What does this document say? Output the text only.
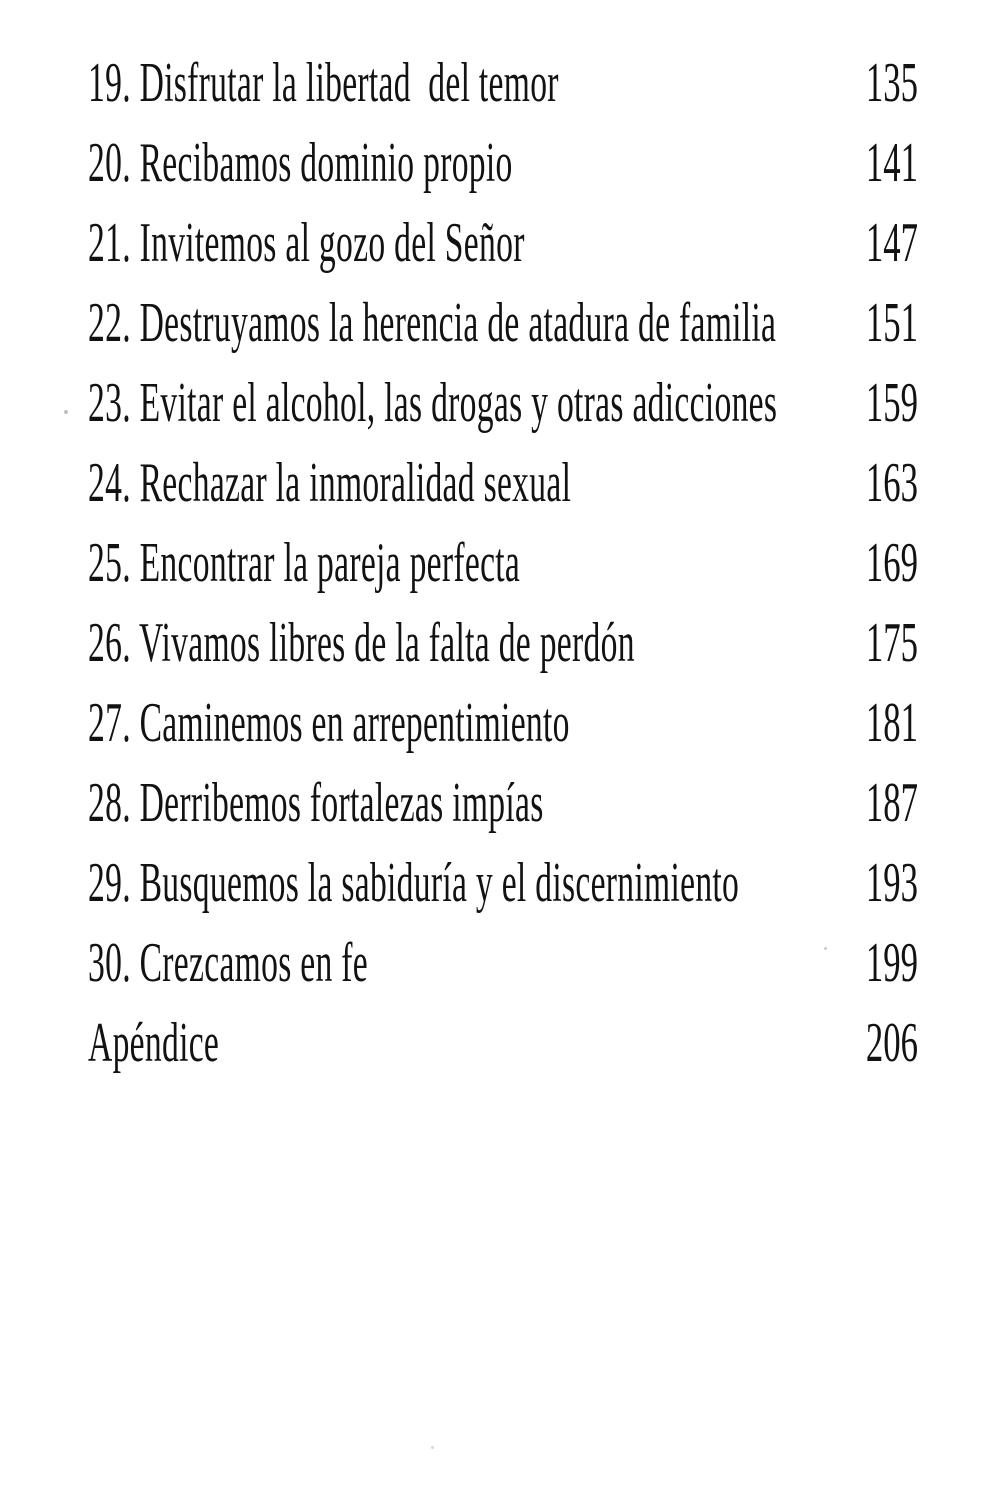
19. Disfrutar la libertad  del temor	135
20. Recibamos dominio propio	141
21. Invitemos al gozo del Señor	147
22. Destruyamos la herencia de atadura de familia 151
23. Evitar el alcohol, las drogas y otras adicciones 159
24. Rechazar la inmoralidad sexual	163
25. Encontrar la pareja perfecta	169
26. Vivamos libres de la falta de perdón	175
27. Caminemos en arrepentimiento	181
28. Derribemos fortalezas impías	187
29. Busquemos la sabiduría y el discernimiento 193
30. Crezcamos en fe	199
Apéndice	206
